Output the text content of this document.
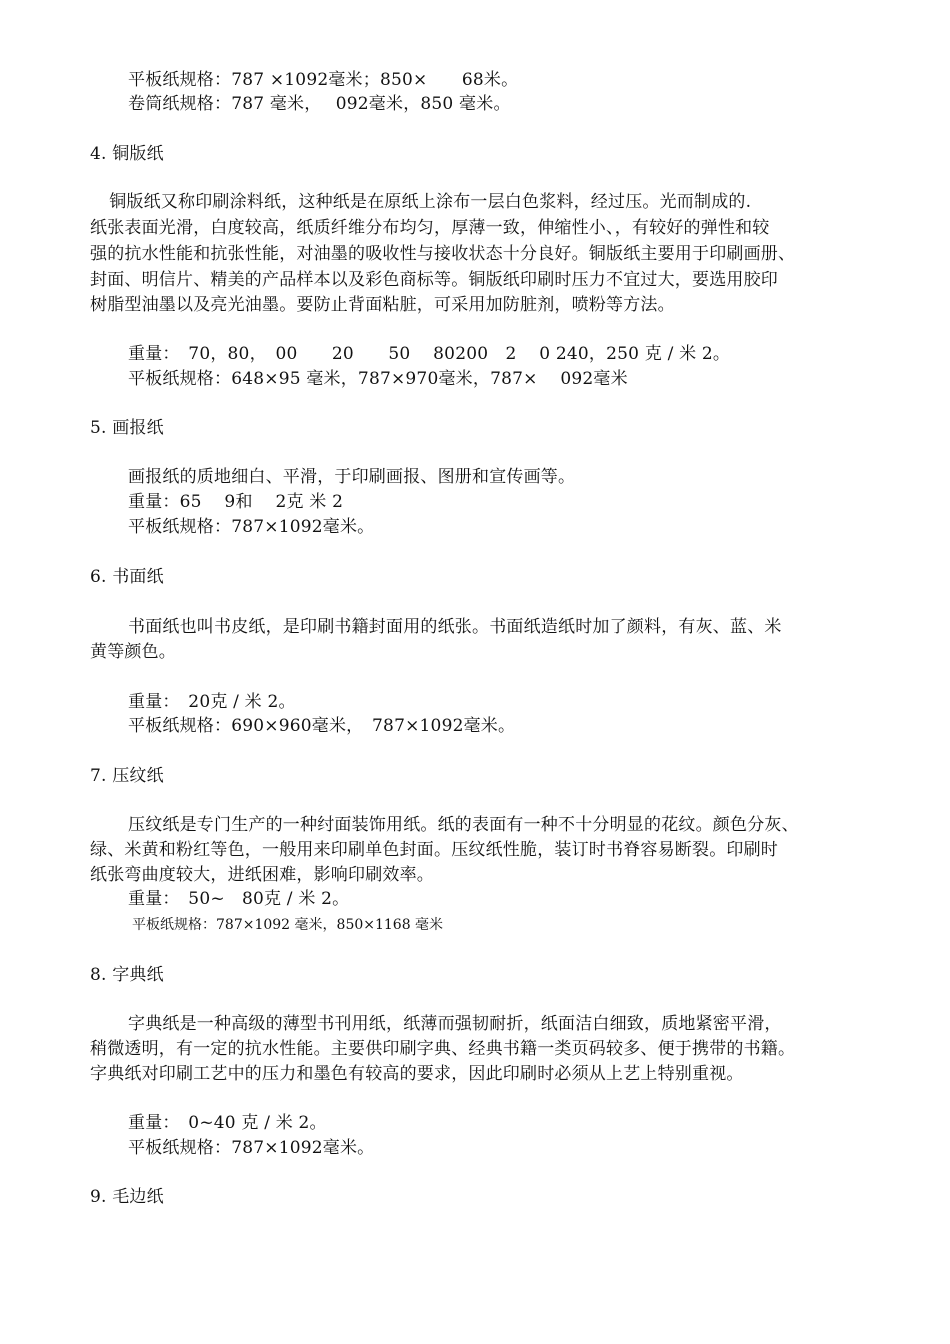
平板纸规格：787 ×1092毫米；850×　　68米。
卷筒纸规格：787 毫米，　 092毫米，850 毫米。
4. 铜版纸
　铜版纸又称印刷涂料纸，这种纸是在原纸上涂布一层白色浆料，经过压。光而制成的.
纸张表面光滑，白度较高，纸质纤维分布均匀，厚薄一致，伸缩性小、，有较好的弹性和较
强的抗水性能和抗张性能，对油墨的吸收性与接收状态十分良好。铜版纸主要用于印刷画册、
封面、明信片、精美的产品样本以及彩色商标等。铜版纸印刷时压力不宜过大，要选用胶印
树脂型油墨以及亮光油墨。要防止背面粘脏，可采用加防脏剂，喷粉等方法。
重量：　70，80，　00　　20　　50　 80200　2　 0 240，250 克 / 米 2。
平板纸规格：648×95 毫米，787×970毫米，787×　 092毫米
5. 画报纸
画报纸的质地细白、平滑，于印刷画报、图册和宣传画等。
重量：65　 9和　 2克 米 2
平板纸规格：787×1092毫米。
6. 书面纸
书面纸也叫书皮纸，是印刷书籍封面用的纸张。书面纸造纸时加了颜料，有灰、蓝、米
黄等颜色。
重量：　20克 / 米 2。
平板纸规格：690×960毫米，　787×1092毫米。
7. 压纹纸
压纹纸是专门生产的一种纣面装饰用纸。纸的表面有一种不十分明显的花纹。颜色分灰、
绿、米黄和粉红等色，一般用来印刷单色封面。压纹纸性脆，装订时书脊容易断裂。印刷时
纸张弯曲度较大，进纸困难，影响印刷效率。
重量：　50~　80克 / 米 2。
平板纸规格：787×1092 毫米，850×1168 毫米
8. 字典纸
字典纸是一种高级的薄型书刊用纸，纸薄而强韧耐折，纸面洁白细致，质地紧密平滑，
稍微透明，有一定的抗水性能。主要供印刷字典、经典书籍一类页码较多、便于携带的书籍。
字典纸对印刷工艺中的压力和墨色有较高的要求，因此印刷时必须从上艺上特别重视。
重量：　0~40 克 / 米 2。
平板纸规格：787×1092毫米。
9. 毛边纸
